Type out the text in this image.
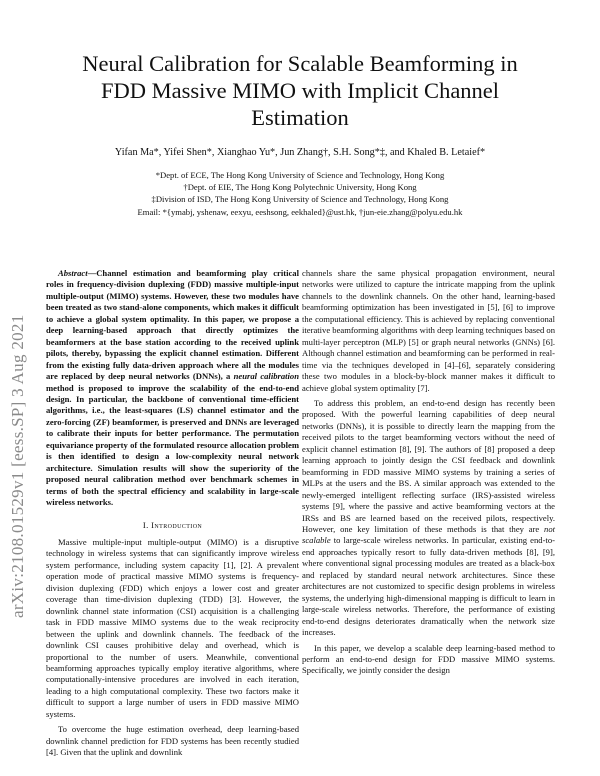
arXiv:2108.01529v1 [eess.SP] 3 Aug 2021
Neural Calibration for Scalable Beamforming in FDD Massive MIMO with Implicit Channel Estimation
Yifan Ma*, Yifei Shen*, Xianghao Yu*, Jun Zhang†, S.H. Song*‡, and Khaled B. Letaief*
*Dept. of ECE, The Hong Kong University of Science and Technology, Hong Kong
†Dept. of EIE, The Hong Kong Polytechnic University, Hong Kong
‡Division of ISD, The Hong Kong University of Science and Technology, Hong Kong
Email: *{ymabj, yshenaw, eexyu, eeshsong, eekhaled}@ust.hk, †jun-eie.zhang@polyu.edu.hk

Abstract—Channel estimation and beamforming play critical roles in frequency-division duplexing (FDD) massive multiple-input multiple-output (MIMO) systems. However, these two modules have been treated as two stand-alone components, which makes it difficult to achieve a global system optimality. In this paper, we propose a deep learning-based approach that directly optimizes the beamformers at the base station according to the received uplink pilots, thereby, bypassing the explicit channel estimation. Different from the existing fully data-driven approach where all the modules are replaced by deep neural networks (DNNs), a neural calibration method is proposed to improve the scalability of the end-to-end design. In particular, the backbone of conventional time-efficient algorithms, i.e., the least-squares (LS) channel estimator and the zero-forcing (ZF) beamformer, is preserved and DNNs are leveraged to calibrate their inputs for better performance. The permutation equivariance property of the formulated resource allocation problem is then identified to design a low-complexity neural network architecture. Simulation results will show the superiority of the proposed neural calibration method over benchmark schemes in terms of both the spectral efficiency and scalability in large-scale wireless networks.

I. Introduction

Massive multiple-input multiple-output (MIMO) is a disruptive technology in wireless systems that can significantly improve wireless system performance, including system capacity [1], [2]. A prevalent operation mode of practical massive MIMO systems is frequency-division duplexing (FDD) which enjoys a lower cost and greater coverage than time-division duplexing (TDD) [3]. However, the downlink channel state information (CSI) acquisition is a challenging task in FDD massive MIMO systems due to the weak reciprocity between the uplink and downlink channels. The feedback of the downlink CSI causes prohibitive delay and overhead, which is proportional to the number of users. Meanwhile, conventional beamforming approaches typically employ iterative algorithms, where computationally-intensive procedures are involved in each iteration, leading to a high computational complexity. These two factors make it difficult to support a large number of users in FDD massive MIMO systems.

To overcome the huge estimation overhead, deep learning-based downlink channel prediction for FDD systems has been recently studied [4]. Given that the uplink and downlink

channels share the same physical propagation environment, neural networks were utilized to capture the intricate mapping from the uplink channels to the downlink channels. On the other hand, learning-based beamforming optimization has been investigated in [5], [6] to improve the computational efficiency. This is achieved by replacing conventional iterative beamforming algorithms with deep learning techniques based on multi-layer perceptron (MLP) [5] or graph neural networks (GNNs) [6]. Although channel estimation and beamforming can be performed in real-time via the techniques developed in [4]–[6], separately considering these two modules in a block-by-block manner makes it difficult to achieve global system optimality [7].

To address this problem, an end-to-end design has recently been proposed. With the powerful learning capabilities of deep neural networks (DNNs), it is possible to directly learn the mapping from the received pilots to the target beamforming vectors without the need of explicit channel estimation [8], [9]. The authors of [8] proposed a deep learning approach to jointly design the CSI feedback and downlink beamforming in FDD massive MIMO systems by training a series of MLPs at the users and the BS. A similar approach was extended to the newly-emerged intelligent reflecting surface (IRS)-assisted wireless systems [9], where the passive and active beamforming vectors at the IRSs and BS are learned based on the received pilots, respectively. However, one key limitation of these methods is that they are not scalable to large-scale wireless networks. In particular, existing end-to-end approaches typically resort to fully data-driven methods [8], [9], where conventional signal processing modules are treated as a black-box and replaced by standard neural network architectures. Since these architectures are not customized to specific design problems in wireless systems, the underlying high-dimensional mapping is difficult to learn in large-scale wireless networks. Therefore, the performance of existing end-to-end designs deteriorates dramatically when the network size increases.

In this paper, we develop a scalable deep learning-based method to perform an end-to-end design for FDD massive MIMO systems. Specifically, we jointly consider the design
